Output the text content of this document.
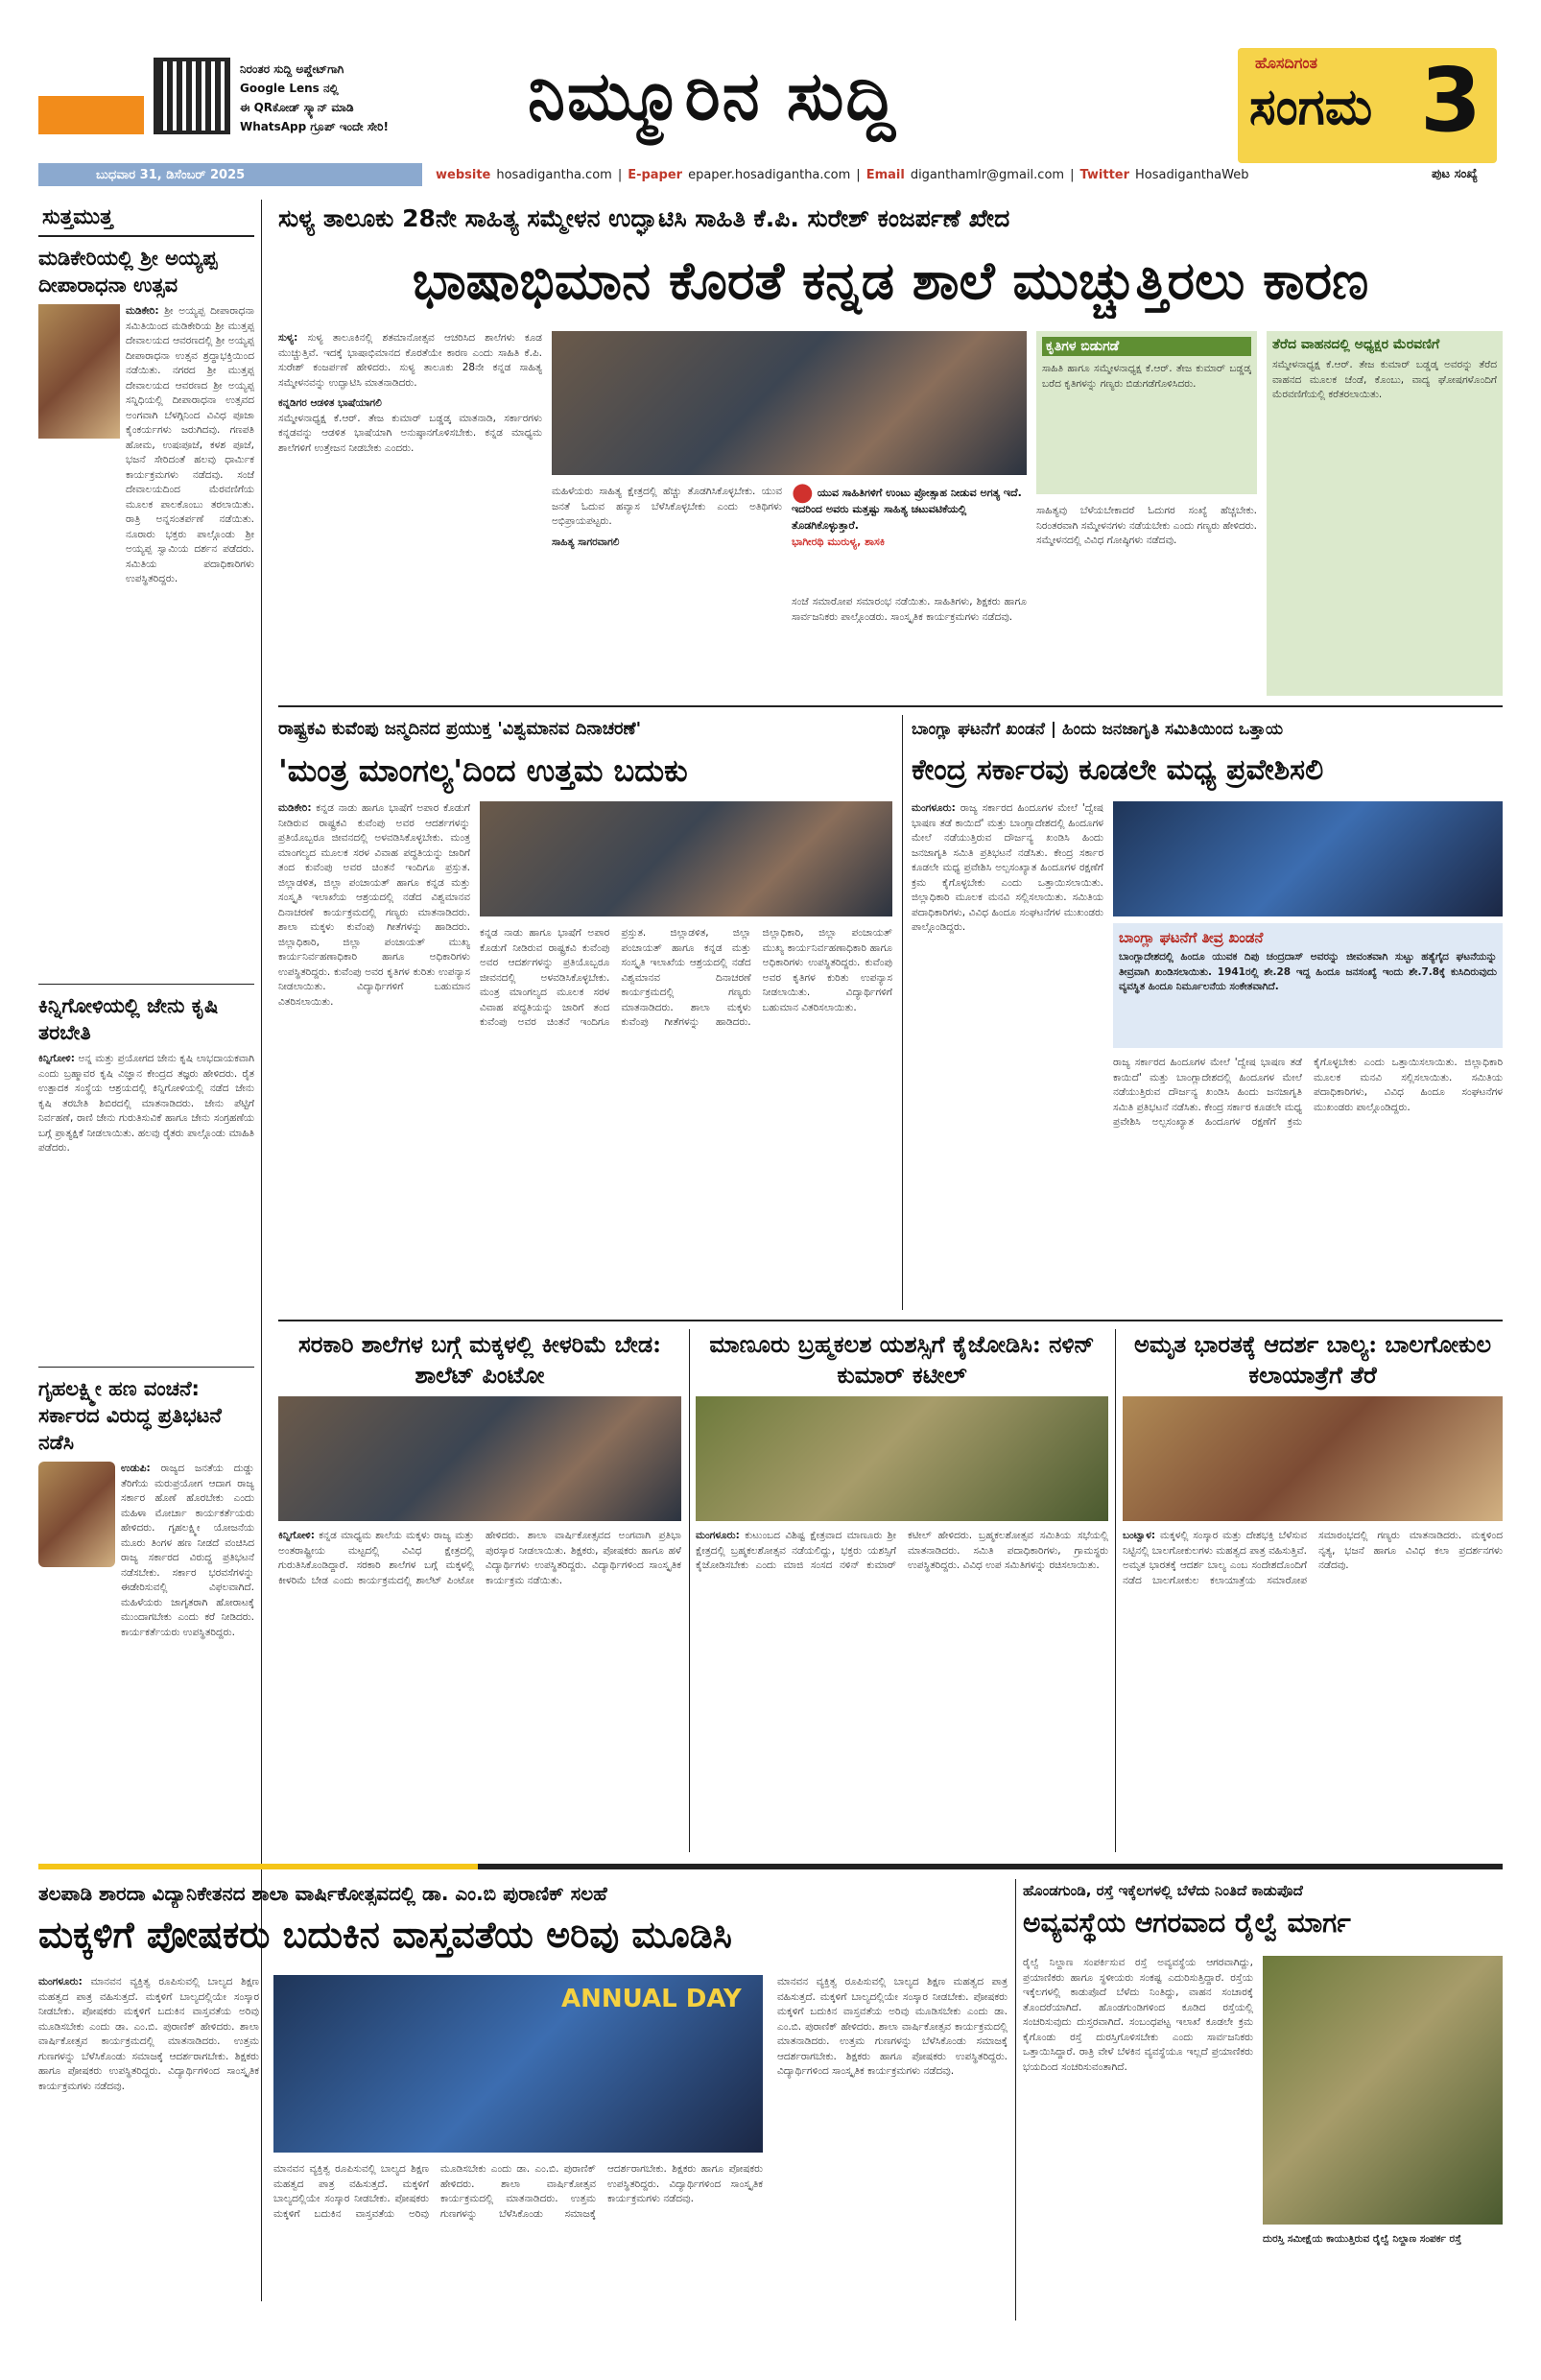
ನಿರಂತರ ಸುದ್ದಿ ಅಪ್ಡೇಟ್‌ಗಾಗಿ
Google Lens ನಲ್ಲಿ
ಈ QRಕೋಡ್ ಸ್ಕ್ಯಾನ್ ಮಾಡಿ
WhatsApp ಗ್ರೂಪ್ ಇಂದೇ ಸೇರಿ!	ನಿಮ್ಮೂರಿನ ಸುದ್ದಿ	ಹೊಸದಿಗಂತ
ಸಂಗಮ 3
ಬುಧವಾರ 31, ಡಿಸೆಂಬರ್ 2025	website hosadigantha.com | E-paper epaper.hosadigantha.com | Email diganthamlr@gmail.com | Twitter HosadiganthaWeb	ಪುಟ ಸಂಖ್ಯೆ
ಸುತ್ತಮುತ್ತ
ಮಡಿಕೇರಿಯಲ್ಲಿ ಶ್ರೀ ಅಯ್ಯಪ್ಪ ದೀಪಾರಾಧನಾ ಉತ್ಸವ
ಮಡಿಕೇರಿ: ಶ್ರೀ ಅಯ್ಯಪ್ಪ ದೀಪಾರಾಧನಾ ಸಮಿತಿಯಿಂದ ಮಡಿಕೇರಿಯ ಶ್ರೀ ಮುತ್ತಪ್ಪ ದೇವಾಲಯದ ಆವರಣದಲ್ಲಿ ಶ್ರೀ ಅಯ್ಯಪ್ಪ ದೀಪಾರಾಧನಾ ಉತ್ಸವ ಶ್ರದ್ಧಾಭಕ್ತಿಯಿಂದ ನಡೆಯಿತು. ನಗರದ ಶ್ರೀ ಮುತ್ತಪ್ಪ ದೇವಾಲಯದ ಆವರಣದ ಶ್ರೀ ಅಯ್ಯಪ್ಪ ಸನ್ನಿಧಿಯಲ್ಲಿ ದೀಪಾರಾಧನಾ ಉತ್ಸವದ ಅಂಗವಾಗಿ ಬೆಳಗ್ಗಿನಿಂದ ವಿವಿಧ ಪೂಜಾ ಕೈಂಕರ್ಯಗಳು ಜರುಗಿದವು. ಗಣಪತಿ ಹೋಮ, ಉಷಃಪೂಜೆ, ಕಳಶ ಪೂಜೆ, ಭಜನೆ ಸೇರಿದಂತೆ ಹಲವು ಧಾರ್ಮಿಕ ಕಾರ್ಯಕ್ರಮಗಳು ನಡೆದವು. ಸಂಜೆ ದೇವಾಲಯದಿಂದ ಮೆರವಣಿಗೆಯ ಮೂಲಕ ಪಾಲಕೊಂಬು ತರಲಾಯಿತು. ರಾತ್ರಿ ಅನ್ನಸಂತರ್ಪಣೆ ನಡೆಯಿತು. ನೂರಾರು ಭಕ್ತರು ಪಾಲ್ಗೊಂಡು ಶ್ರೀ ಅಯ್ಯಪ್ಪ ಸ್ವಾಮಿಯ ದರ್ಶನ ಪಡೆದರು. ಸಮಿತಿಯ ಪದಾಧಿಕಾರಿಗಳು ಉಪಸ್ಥಿತರಿದ್ದರು.
ಕಿನ್ನಿಗೋಳಿಯಲ್ಲಿ ಜೇನು ಕೃಷಿ ತರಬೇತಿ
ಕಿನ್ನಿಗೋಳಿ: ಅನ್ನ ಮತ್ತು ಪ್ರಯೋಗದ ಜೇನು ಕೃಷಿ ಲಾಭದಾಯಕವಾಗಿ ಎಂದು ಬ್ರಹ್ಮಾವರ ಕೃಷಿ ವಿಜ್ಞಾನ ಕೇಂದ್ರದ ತಜ್ಞರು ಹೇಳಿದರು. ರೈತ ಉತ್ಪಾದಕ ಸಂಸ್ಥೆಯ ಆಶ್ರಯದಲ್ಲಿ ಕಿನ್ನಿಗೋಳಿಯಲ್ಲಿ ನಡೆದ ಜೇನು ಕೃಷಿ ತರಬೇತಿ ಶಿಬಿರದಲ್ಲಿ ಮಾತನಾಡಿದರು. ಜೇನು ಪೆಟ್ಟಿಗೆ ನಿರ್ವಹಣೆ, ರಾಣಿ ಜೇನು ಗುರುತಿಸುವಿಕೆ ಹಾಗೂ ಜೇನು ಸಂಗ್ರಹಣೆಯ ಬಗ್ಗೆ ಪ್ರಾತ್ಯಕ್ಷಿಕೆ ನೀಡಲಾಯಿತು. ಹಲವು ರೈತರು ಪಾಲ್ಗೊಂಡು ಮಾಹಿತಿ ಪಡೆದರು.
ಗೃಹಲಕ್ಷ್ಮೀ ಹಣ ವಂಚನೆ: ಸರ್ಕಾರದ ವಿರುದ್ಧ ಪ್ರತಿಭಟನೆ ನಡೆಸಿ
ಉಡುಪಿ: ರಾಜ್ಯದ ಜನತೆಯ ದುಡ್ಡು ತೆರಿಗೆಯ ಮರುಪ್ರಯೋಗ ಆದಾಗ ರಾಜ್ಯ ಸರ್ಕಾರ ಹೊಣೆ ಹೊರಬೇಕು ಎಂದು ಮಹಿಳಾ ಮೋರ್ಚಾ ಕಾರ್ಯಕರ್ತೆಯರು ಹೇಳಿದರು. ಗೃಹಲಕ್ಷ್ಮೀ ಯೋಜನೆಯ ಮೂರು ತಿಂಗಳ ಹಣ ನೀಡದೆ ವಂಚಿಸಿದ ರಾಜ್ಯ ಸರ್ಕಾರದ ವಿರುದ್ಧ ಪ್ರತಿಭಟನೆ ನಡೆಸಬೇಕು. ಸರ್ಕಾರ ಭರವಸೆಗಳನ್ನು ಈಡೇರಿಸುವಲ್ಲಿ ವಿಫಲವಾಗಿದೆ. ಮಹಿಳೆಯರು ಜಾಗೃತರಾಗಿ ಹೋರಾಟಕ್ಕೆ ಮುಂದಾಗಬೇಕು ಎಂದು ಕರೆ ನೀಡಿದರು. ಕಾರ್ಯಕರ್ತೆಯರು ಉಪಸ್ಥಿತರಿದ್ದರು.
ಸುಳ್ಯ ತಾಲೂಕು 28ನೇ ಸಾಹಿತ್ಯ ಸಮ್ಮೇಳನ ಉದ್ಘಾಟಿಸಿ ಸಾಹಿತಿ ಕೆ.ಪಿ. ಸುರೇಶ್ ಕಂಜರ್ಪಣೆ ಖೇದ
ಭಾಷಾಭಿಮಾನ ಕೊರತೆ ಕನ್ನಡ ಶಾಲೆ ಮುಚ್ಚುತ್ತಿರಲು ಕಾರಣ
ಸುಳ್ಯ: ಸುಳ್ಯ ತಾಲೂಕಿನಲ್ಲಿ ಶತಮಾನೋತ್ಸವ ಆಚರಿಸಿದ ಶಾಲೆಗಳು ಕೂಡ ಮುಚ್ಚುತ್ತಿವೆ. ಇದಕ್ಕೆ ಭಾಷಾಭಿಮಾನದ ಕೊರತೆಯೇ ಕಾರಣ ಎಂದು ಸಾಹಿತಿ ಕೆ.ಪಿ. ಸುರೇಶ್ ಕಂಜರ್ಪಣೆ ಹೇಳಿದರು. ಸುಳ್ಯ ತಾಲೂಕು 28ನೇ ಕನ್ನಡ ಸಾಹಿತ್ಯ ಸಮ್ಮೇಳನವನ್ನು ಉದ್ಘಾಟಿಸಿ ಮಾತನಾಡಿದರು.
ಕನ್ನಡಿಗರ ಆಡಳಿತ ಭಾಷೆಯಾಗಲಿ
ಸಮ್ಮೇಳನಾಧ್ಯಕ್ಷ ಕೆ.ಆರ್. ತೇಜ ಕುಮಾರ್ ಬಡ್ಡಡ್ಕ ಮಾತನಾಡಿ, ಸರ್ಕಾರಗಳು ಕನ್ನಡವನ್ನು ಆಡಳಿತ ಭಾಷೆಯಾಗಿ ಅನುಷ್ಠಾನಗೊಳಿಸಬೇಕು. ಕನ್ನಡ ಮಾಧ್ಯಮ ಶಾಲೆಗಳಿಗೆ ಉತ್ತೇಜನ ನೀಡಬೇಕು ಎಂದರು.
ಮಹಿಳೆಯರು ಸಾಹಿತ್ಯ ಕ್ಷೇತ್ರದಲ್ಲಿ ಹೆಚ್ಚು ತೊಡಗಿಸಿಕೊಳ್ಳಬೇಕು. ಯುವ ಜನತೆ ಓದುವ ಹವ್ಯಾಸ ಬೆಳೆಸಿಕೊಳ್ಳಬೇಕು ಎಂದು ಅತಿಥಿಗಳು ಅಭಿಪ್ರಾಯಪಟ್ಟರು.
ಸಾಹಿತ್ಯ ಸಾಗರವಾಗಲಿ
● ಯುವ ಸಾಹಿತಿಗಳಿಗೆ ಉಂಟು ಪ್ರೋತ್ಸಾಹ ನೀಡುವ ಅಗತ್ಯ ಇದೆ. ಇದರಿಂದ ಅವರು ಮತ್ತಷ್ಟು ಸಾಹಿತ್ಯ ಚಟುವಟಿಕೆಯಲ್ಲಿ ತೊಡಗಿಕೊಳ್ಳುತ್ತಾರೆ.
ಭಾಗೀರಥಿ ಮುರುಳ್ಯ, ಶಾಸಕಿ
ಸಂಜೆ ಸಮಾರೋಪ ಸಮಾರಂಭ ನಡೆಯಿತು. ಸಾಹಿತಿಗಳು, ಶಿಕ್ಷಕರು ಹಾಗೂ ಸಾರ್ವಜನಿಕರು ಪಾಲ್ಗೊಂಡರು. ಸಾಂಸ್ಕೃತಿಕ ಕಾರ್ಯಕ್ರಮಗಳು ನಡೆದವು.
ಕೃತಿಗಳ ಬಿಡುಗಡೆ
ಸಾಹಿತಿ ಹಾಗೂ ಸಮ್ಮೇಳನಾಧ್ಯಕ್ಷ ಕೆ.ಆರ್. ತೇಜ ಕುಮಾರ್ ಬಡ್ಡಡ್ಕ ಬರೆದ ಕೃತಿಗಳನ್ನು ಗಣ್ಯರು ಬಿಡುಗಡೆಗೊಳಿಸಿದರು.
ಸಾಹಿತ್ಯವು ಬೆಳೆಯಬೇಕಾದರೆ ಓದುಗರ ಸಂಖ್ಯೆ ಹೆಚ್ಚಬೇಕು. ನಿರಂತರವಾಗಿ ಸಮ್ಮೇಳನಗಳು ನಡೆಯಬೇಕು ಎಂದು ಗಣ್ಯರು ಹೇಳಿದರು. ಸಮ್ಮೇಳನದಲ್ಲಿ ವಿವಿಧ ಗೋಷ್ಠಿಗಳು ನಡೆದವು.
ತೆರೆದ ವಾಹನದಲ್ಲಿ ಅಧ್ಯಕ್ಷರ ಮೆರವಣಿಗೆ
ಸಮ್ಮೇಳನಾಧ್ಯಕ್ಷ ಕೆ.ಆರ್. ತೇಜ ಕುಮಾರ್ ಬಡ್ಡಡ್ಕ ಅವರನ್ನು ತೆರೆದ ವಾಹನದ ಮೂಲಕ ಚೆಂಡೆ, ಕೊಂಬು, ವಾದ್ಯ ಘೋಷಗಳೊಂದಿಗೆ ಮೆರವಣಿಗೆಯಲ್ಲಿ ಕರೆತರಲಾಯಿತು.
ರಾಷ್ಟ್ರಕವಿ ಕುವೆಂಪು ಜನ್ಮದಿನದ ಪ್ರಯುಕ್ತ 'ವಿಶ್ವಮಾನವ ದಿನಾಚರಣೆ'
'ಮಂತ್ರ ಮಾಂಗಲ್ಯ'ದಿಂದ ಉತ್ತಮ ಬದುಕು
ಮಡಿಕೇರಿ: ಕನ್ನಡ ನಾಡು ಹಾಗೂ ಭಾಷೆಗೆ ಅಪಾರ ಕೊಡುಗೆ ನೀಡಿರುವ ರಾಷ್ಟ್ರಕವಿ ಕುವೆಂಪು ಅವರ ಆದರ್ಶಗಳನ್ನು ಪ್ರತಿಯೊಬ್ಬರೂ ಜೀವನದಲ್ಲಿ ಅಳವಡಿಸಿಕೊಳ್ಳಬೇಕು. ಮಂತ್ರ ಮಾಂಗಲ್ಯದ ಮೂಲಕ ಸರಳ ವಿವಾಹ ಪದ್ಧತಿಯನ್ನು ಜಾರಿಗೆ ತಂದ ಕುವೆಂಪು ಅವರ ಚಿಂತನೆ ಇಂದಿಗೂ ಪ್ರಸ್ತುತ. ಜಿಲ್ಲಾಡಳಿತ, ಜಿಲ್ಲಾ ಪಂಚಾಯತ್ ಹಾಗೂ ಕನ್ನಡ ಮತ್ತು ಸಂಸ್ಕೃತಿ ಇಲಾಖೆಯ ಆಶ್ರಯದಲ್ಲಿ ನಡೆದ ವಿಶ್ವಮಾನವ ದಿನಾಚರಣೆ ಕಾರ್ಯಕ್ರಮದಲ್ಲಿ ಗಣ್ಯರು ಮಾತನಾಡಿದರು. ಶಾಲಾ ಮಕ್ಕಳು ಕುವೆಂಪು ಗೀತೆಗಳನ್ನು ಹಾಡಿದರು. ಜಿಲ್ಲಾಧಿಕಾರಿ, ಜಿಲ್ಲಾ ಪಂಚಾಯತ್ ಮುಖ್ಯ ಕಾರ್ಯನಿರ್ವಹಣಾಧಿಕಾರಿ ಹಾಗೂ ಅಧಿಕಾರಿಗಳು ಉಪಸ್ಥಿತರಿದ್ದರು. ಕುವೆಂಪು ಅವರ ಕೃತಿಗಳ ಕುರಿತು ಉಪನ್ಯಾಸ ನೀಡಲಾಯಿತು. ವಿದ್ಯಾರ್ಥಿಗಳಿಗೆ ಬಹುಮಾನ ವಿತರಿಸಲಾಯಿತು.
ಕನ್ನಡ ನಾಡು ಹಾಗೂ ಭಾಷೆಗೆ ಅಪಾರ ಕೊಡುಗೆ ನೀಡಿರುವ ರಾಷ್ಟ್ರಕವಿ ಕುವೆಂಪು ಅವರ ಆದರ್ಶಗಳನ್ನು ಪ್ರತಿಯೊಬ್ಬರೂ ಜೀವನದಲ್ಲಿ ಅಳವಡಿಸಿಕೊಳ್ಳಬೇಕು. ಮಂತ್ರ ಮಾಂಗಲ್ಯದ ಮೂಲಕ ಸರಳ ವಿವಾಹ ಪದ್ಧತಿಯನ್ನು ಜಾರಿಗೆ ತಂದ ಕುವೆಂಪು ಅವರ ಚಿಂತನೆ ಇಂದಿಗೂ ಪ್ರಸ್ತುತ. ಜಿಲ್ಲಾಡಳಿತ, ಜಿಲ್ಲಾ ಪಂಚಾಯತ್ ಹಾಗೂ ಕನ್ನಡ ಮತ್ತು ಸಂಸ್ಕೃತಿ ಇಲಾಖೆಯ ಆಶ್ರಯದಲ್ಲಿ ನಡೆದ ವಿಶ್ವಮಾನವ ದಿನಾಚರಣೆ ಕಾರ್ಯಕ್ರಮದಲ್ಲಿ ಗಣ್ಯರು ಮಾತನಾಡಿದರು. ಶಾಲಾ ಮಕ್ಕಳು ಕುವೆಂಪು ಗೀತೆಗಳನ್ನು ಹಾಡಿದರು. ಜಿಲ್ಲಾಧಿಕಾರಿ, ಜಿಲ್ಲಾ ಪಂಚಾಯತ್ ಮುಖ್ಯ ಕಾರ್ಯನಿರ್ವಹಣಾಧಿಕಾರಿ ಹಾಗೂ ಅಧಿಕಾರಿಗಳು ಉಪಸ್ಥಿತರಿದ್ದರು. ಕುವೆಂಪು ಅವರ ಕೃತಿಗಳ ಕುರಿತು ಉಪನ್ಯಾಸ ನೀಡಲಾಯಿತು. ವಿದ್ಯಾರ್ಥಿಗಳಿಗೆ ಬಹುಮಾನ ವಿತರಿಸಲಾಯಿತು.
ಬಾಂಗ್ಲಾ ಘಟನೆಗೆ ಖಂಡನೆ | ಹಿಂದು ಜನಜಾಗೃತಿ ಸಮಿತಿಯಿಂದ ಒತ್ತಾಯ
ಕೇಂದ್ರ ಸರ್ಕಾರವು ಕೂಡಲೇ ಮಧ್ಯ ಪ್ರವೇಶಿಸಲಿ
ಮಂಗಳೂರು: ರಾಜ್ಯ ಸರ್ಕಾರದ ಹಿಂದೂಗಳ ಮೇಲೆ 'ದ್ವೇಷ ಭಾಷಣ ತಡೆ ಕಾಯಿದೆ' ಮತ್ತು ಬಾಂಗ್ಲಾದೇಶದಲ್ಲಿ ಹಿಂದೂಗಳ ಮೇಲೆ ನಡೆಯುತ್ತಿರುವ ದೌರ್ಜನ್ಯ ಖಂಡಿಸಿ ಹಿಂದು ಜನಜಾಗೃತಿ ಸಮಿತಿ ಪ್ರತಿಭಟನೆ ನಡೆಸಿತು. ಕೇಂದ್ರ ಸರ್ಕಾರ ಕೂಡಲೇ ಮಧ್ಯ ಪ್ರವೇಶಿಸಿ ಅಲ್ಪಸಂಖ್ಯಾತ ಹಿಂದೂಗಳ ರಕ್ಷಣೆಗೆ ಕ್ರಮ ಕೈಗೊಳ್ಳಬೇಕು ಎಂದು ಒತ್ತಾಯಿಸಲಾಯಿತು. ಜಿಲ್ಲಾಧಿಕಾರಿ ಮೂಲಕ ಮನವಿ ಸಲ್ಲಿಸಲಾಯಿತು. ಸಮಿತಿಯ ಪದಾಧಿಕಾರಿಗಳು, ವಿವಿಧ ಹಿಂದೂ ಸಂಘಟನೆಗಳ ಮುಖಂಡರು ಪಾಲ್ಗೊಂಡಿದ್ದರು.
ಬಾಂಗ್ಲಾ ಘಟನೆಗೆ ತೀವ್ರ ಖಂಡನೆ
ಬಾಂಗ್ಲಾದೇಶದಲ್ಲಿ ಹಿಂದೂ ಯುವಕ ದಿಪು ಚಂದ್ರದಾಸ್ ಅವರನ್ನು ಜೀವಂತವಾಗಿ ಸುಟ್ಟು ಹತ್ಯೆಗೈದ ಘಟನೆಯನ್ನು ತೀವ್ರವಾಗಿ ಖಂಡಿಸಲಾಯಿತು. 1941ರಲ್ಲಿ ಶೇ.28 ಇದ್ದ ಹಿಂದೂ ಜನಸಂಖ್ಯೆ ಇಂದು ಶೇ.7.8ಕ್ಕೆ ಕುಸಿದಿರುವುದು ವ್ಯವಸ್ಥಿತ ಹಿಂದೂ ನಿರ್ಮೂಲನೆಯ ಸಂಕೇತವಾಗಿದೆ.
ರಾಜ್ಯ ಸರ್ಕಾರದ ಹಿಂದೂಗಳ ಮೇಲೆ 'ದ್ವೇಷ ಭಾಷಣ ತಡೆ ಕಾಯಿದೆ' ಮತ್ತು ಬಾಂಗ್ಲಾದೇಶದಲ್ಲಿ ಹಿಂದೂಗಳ ಮೇಲೆ ನಡೆಯುತ್ತಿರುವ ದೌರ್ಜನ್ಯ ಖಂಡಿಸಿ ಹಿಂದು ಜನಜಾಗೃತಿ ಸಮಿತಿ ಪ್ರತಿಭಟನೆ ನಡೆಸಿತು. ಕೇಂದ್ರ ಸರ್ಕಾರ ಕೂಡಲೇ ಮಧ್ಯ ಪ್ರವೇಶಿಸಿ ಅಲ್ಪಸಂಖ್ಯಾತ ಹಿಂದೂಗಳ ರಕ್ಷಣೆಗೆ ಕ್ರಮ ಕೈಗೊಳ್ಳಬೇಕು ಎಂದು ಒತ್ತಾಯಿಸಲಾಯಿತು. ಜಿಲ್ಲಾಧಿಕಾರಿ ಮೂಲಕ ಮನವಿ ಸಲ್ಲಿಸಲಾಯಿತು. ಸಮಿತಿಯ ಪದಾಧಿಕಾರಿಗಳು, ವಿವಿಧ ಹಿಂದೂ ಸಂಘಟನೆಗಳ ಮುಖಂಡರು ಪಾಲ್ಗೊಂಡಿದ್ದರು.
ಸರಕಾರಿ ಶಾಲೆಗಳ ಬಗ್ಗೆ ಮಕ್ಕಳಲ್ಲಿ ಕೀಳರಿಮೆ ಬೇಡ: ಶಾಲೆಟ್ ಪಿಂಟೋ
ಕಿನ್ನಿಗೋಳಿ: ಕನ್ನಡ ಮಾಧ್ಯಮ ಶಾಲೆಯ ಮಕ್ಕಳು ರಾಜ್ಯ ಮತ್ತು ಅಂತರಾಷ್ಟ್ರೀಯ ಮಟ್ಟದಲ್ಲಿ ವಿವಿಧ ಕ್ಷೇತ್ರದಲ್ಲಿ ಗುರುತಿಸಿಕೊಂಡಿದ್ದಾರೆ. ಸರಕಾರಿ ಶಾಲೆಗಳ ಬಗ್ಗೆ ಮಕ್ಕಳಲ್ಲಿ ಕೀಳರಿಮೆ ಬೇಡ ಎಂದು ಕಾರ್ಯಕ್ರಮದಲ್ಲಿ ಶಾಲೆಟ್ ಪಿಂಟೋ ಹೇಳಿದರು. ಶಾಲಾ ವಾರ್ಷಿಕೋತ್ಸವದ ಅಂಗವಾಗಿ ಪ್ರತಿಭಾ ಪುರಸ್ಕಾರ ನೀಡಲಾಯಿತು. ಶಿಕ್ಷಕರು, ಪೋಷಕರು ಹಾಗೂ ಹಳೆ ವಿದ್ಯಾರ್ಥಿಗಳು ಉಪಸ್ಥಿತರಿದ್ದರು. ವಿದ್ಯಾರ್ಥಿಗಳಿಂದ ಸಾಂಸ್ಕೃತಿಕ ಕಾರ್ಯಕ್ರಮ ನಡೆಯಿತು.
ಮಾಣೂರು ಬ್ರಹ್ಮಕಲಶ ಯಶಸ್ಸಿಗೆ ಕೈಜೋಡಿಸಿ: ನಳಿನ್ ಕುಮಾರ್ ಕಟೀಲ್
ಮಂಗಳೂರು: ಕುಟುಂಬದ ವಿಶಿಷ್ಟ ಕ್ಷೇತ್ರವಾದ ಮಾಣೂರು ಶ್ರೀ ಕ್ಷೇತ್ರದಲ್ಲಿ ಬ್ರಹ್ಮಕಲಶೋತ್ಸವ ನಡೆಯಲಿದ್ದು, ಭಕ್ತರು ಯಶಸ್ಸಿಗೆ ಕೈಜೋಡಿಸಬೇಕು ಎಂದು ಮಾಜಿ ಸಂಸದ ನಳಿನ್ ಕುಮಾರ್ ಕಟೀಲ್ ಹೇಳಿದರು. ಬ್ರಹ್ಮಕಲಶೋತ್ಸವ ಸಮಿತಿಯ ಸಭೆಯಲ್ಲಿ ಮಾತನಾಡಿದರು. ಸಮಿತಿ ಪದಾಧಿಕಾರಿಗಳು, ಗ್ರಾಮಸ್ಥರು ಉಪಸ್ಥಿತರಿದ್ದರು. ವಿವಿಧ ಉಪ ಸಮಿತಿಗಳನ್ನು ರಚಿಸಲಾಯಿತು.
ಅಮೃತ ಭಾರತಕ್ಕೆ ಆದರ್ಶ ಬಾಲ್ಯ: ಬಾಲಗೋಕುಲ ಕಲಾಯಾತ್ರೆಗೆ ತೆರೆ
ಬಂಟ್ವಾಳ: ಮಕ್ಕಳಲ್ಲಿ ಸಂಸ್ಕಾರ ಮತ್ತು ದೇಶಭಕ್ತಿ ಬೆಳೆಸುವ ನಿಟ್ಟಿನಲ್ಲಿ ಬಾಲಗೋಕುಲಗಳು ಮಹತ್ವದ ಪಾತ್ರ ವಹಿಸುತ್ತಿವೆ. ಅಮೃತ ಭಾರತಕ್ಕೆ ಆದರ್ಶ ಬಾಲ್ಯ ಎಂಬ ಸಂದೇಶದೊಂದಿಗೆ ನಡೆದ ಬಾಲಗೋಕುಲ ಕಲಾಯಾತ್ರೆಯ ಸಮಾರೋಪ ಸಮಾರಂಭದಲ್ಲಿ ಗಣ್ಯರು ಮಾತನಾಡಿದರು. ಮಕ್ಕಳಿಂದ ನೃತ್ಯ, ಭಜನೆ ಹಾಗೂ ವಿವಿಧ ಕಲಾ ಪ್ರದರ್ಶನಗಳು ನಡೆದವು.
ತಲಪಾಡಿ ಶಾರದಾ ವಿದ್ಯಾನಿಕೇತನದ ಶಾಲಾ ವಾರ್ಷಿಕೋತ್ಸವದಲ್ಲಿ ಡಾ. ಎಂ.ಬಿ ಪುರಾಣಿಕ್ ಸಲಹೆ
ಮಕ್ಕಳಿಗೆ ಪೋಷಕರು ಬದುಕಿನ ವಾಸ್ತವತೆಯ ಅರಿವು ಮೂಡಿಸಿ
ಮಂಗಳೂರು: ಮಾನವನ ವ್ಯಕ್ತಿತ್ವ ರೂಪಿಸುವಲ್ಲಿ ಬಾಲ್ಯದ ಶಿಕ್ಷಣ ಮಹತ್ವದ ಪಾತ್ರ ವಹಿಸುತ್ತದೆ. ಮಕ್ಕಳಿಗೆ ಬಾಲ್ಯದಲ್ಲಿಯೇ ಸಂಸ್ಕಾರ ನೀಡಬೇಕು. ಪೋಷಕರು ಮಕ್ಕಳಿಗೆ ಬದುಕಿನ ವಾಸ್ತವತೆಯ ಅರಿವು ಮೂಡಿಸಬೇಕು ಎಂದು ಡಾ. ಎಂ.ಬಿ. ಪುರಾಣಿಕ್ ಹೇಳಿದರು. ಶಾಲಾ ವಾರ್ಷಿಕೋತ್ಸವ ಕಾರ್ಯಕ್ರಮದಲ್ಲಿ ಮಾತನಾಡಿದರು. ಉತ್ತಮ ಗುಣಗಳನ್ನು ಬೆಳೆಸಿಕೊಂಡು ಸಮಾಜಕ್ಕೆ ಆದರ್ಶರಾಗಬೇಕು. ಶಿಕ್ಷಕರು ಹಾಗೂ ಪೋಷಕರು ಉಪಸ್ಥಿತರಿದ್ದರು. ವಿದ್ಯಾರ್ಥಿಗಳಿಂದ ಸಾಂಸ್ಕೃತಿಕ ಕಾರ್ಯಕ್ರಮಗಳು ನಡೆದವು.
ANNUAL DAY
ಮಾನವನ ವ್ಯಕ್ತಿತ್ವ ರೂಪಿಸುವಲ್ಲಿ ಬಾಲ್ಯದ ಶಿಕ್ಷಣ ಮಹತ್ವದ ಪಾತ್ರ ವಹಿಸುತ್ತದೆ. ಮಕ್ಕಳಿಗೆ ಬಾಲ್ಯದಲ್ಲಿಯೇ ಸಂಸ್ಕಾರ ನೀಡಬೇಕು. ಪೋಷಕರು ಮಕ್ಕಳಿಗೆ ಬದುಕಿನ ವಾಸ್ತವತೆಯ ಅರಿವು ಮೂಡಿಸಬೇಕು ಎಂದು ಡಾ. ಎಂ.ಬಿ. ಪುರಾಣಿಕ್ ಹೇಳಿದರು. ಶಾಲಾ ವಾರ್ಷಿಕೋತ್ಸವ ಕಾರ್ಯಕ್ರಮದಲ್ಲಿ ಮಾತನಾಡಿದರು. ಉತ್ತಮ ಗುಣಗಳನ್ನು ಬೆಳೆಸಿಕೊಂಡು ಸಮಾಜಕ್ಕೆ ಆದರ್ಶರಾಗಬೇಕು. ಶಿಕ್ಷಕರು ಹಾಗೂ ಪೋಷಕರು ಉಪಸ್ಥಿತರಿದ್ದರು. ವಿದ್ಯಾರ್ಥಿಗಳಿಂದ ಸಾಂಸ್ಕೃತಿಕ ಕಾರ್ಯಕ್ರಮಗಳು ನಡೆದವು.
ಮಾನವನ ವ್ಯಕ್ತಿತ್ವ ರೂಪಿಸುವಲ್ಲಿ ಬಾಲ್ಯದ ಶಿಕ್ಷಣ ಮಹತ್ವದ ಪಾತ್ರ ವಹಿಸುತ್ತದೆ. ಮಕ್ಕಳಿಗೆ ಬಾಲ್ಯದಲ್ಲಿಯೇ ಸಂಸ್ಕಾರ ನೀಡಬೇಕು. ಪೋಷಕರು ಮಕ್ಕಳಿಗೆ ಬದುಕಿನ ವಾಸ್ತವತೆಯ ಅರಿವು ಮೂಡಿಸಬೇಕು ಎಂದು ಡಾ. ಎಂ.ಬಿ. ಪುರಾಣಿಕ್ ಹೇಳಿದರು. ಶಾಲಾ ವಾರ್ಷಿಕೋತ್ಸವ ಕಾರ್ಯಕ್ರಮದಲ್ಲಿ ಮಾತನಾಡಿದರು. ಉತ್ತಮ ಗುಣಗಳನ್ನು ಬೆಳೆಸಿಕೊಂಡು ಸಮಾಜಕ್ಕೆ ಆದರ್ಶರಾಗಬೇಕು. ಶಿಕ್ಷಕರು ಹಾಗೂ ಪೋಷಕರು ಉಪಸ್ಥಿತರಿದ್ದರು. ವಿದ್ಯಾರ್ಥಿಗಳಿಂದ ಸಾಂಸ್ಕೃತಿಕ ಕಾರ್ಯಕ್ರಮಗಳು ನಡೆದವು.
ಹೊಂಡಗುಂಡಿ, ರಸ್ತೆ ಇಕ್ಕೆಲಗಳಲ್ಲಿ ಬೆಳೆದು ನಿಂತಿದೆ ಕಾಡುಪೊದೆ
ಅವ್ಯವಸ್ಥೆಯ ಆಗರವಾದ ರೈಲ್ವೆ ಮಾರ್ಗ
ರೈಲ್ವೆ ನಿಲ್ದಾಣ ಸಂಪರ್ಕಿಸುವ ರಸ್ತೆ ಅವ್ಯವಸ್ಥೆಯ ಆಗರವಾಗಿದ್ದು, ಪ್ರಯಾಣಿಕರು ಹಾಗೂ ಸ್ಥಳೀಯರು ಸಂಕಷ್ಟ ಎದುರಿಸುತ್ತಿದ್ದಾರೆ. ರಸ್ತೆಯ ಇಕ್ಕೆಲಗಳಲ್ಲಿ ಕಾಡುಪೊದೆ ಬೆಳೆದು ನಿಂತಿದ್ದು, ವಾಹನ ಸಂಚಾರಕ್ಕೆ ತೊಂದರೆಯಾಗಿದೆ. ಹೊಂಡಗುಂಡಿಗಳಿಂದ ಕೂಡಿದ ರಸ್ತೆಯಲ್ಲಿ ಸಂಚರಿಸುವುದು ದುಸ್ತರವಾಗಿದೆ. ಸಂಬಂಧಪಟ್ಟ ಇಲಾಖೆ ಕೂಡಲೇ ಕ್ರಮ ಕೈಗೊಂಡು ರಸ್ತೆ ದುರಸ್ತಿಗೊಳಿಸಬೇಕು ಎಂದು ಸಾರ್ವಜನಿಕರು ಒತ್ತಾಯಿಸಿದ್ದಾರೆ. ರಾತ್ರಿ ವೇಳೆ ಬೆಳಕಿನ ವ್ಯವಸ್ಥೆಯೂ ಇಲ್ಲದೆ ಪ್ರಯಾಣಿಕರು ಭಯದಿಂದ ಸಂಚರಿಸುವಂತಾಗಿದೆ.
ದುರಸ್ತಿ ಸಮೀಕ್ಷೆಯ ಕಾಯುತ್ತಿರುವ ರೈಲ್ವೆ ನಿಲ್ದಾಣ ಸಂಪರ್ಕ ರಸ್ತೆ
